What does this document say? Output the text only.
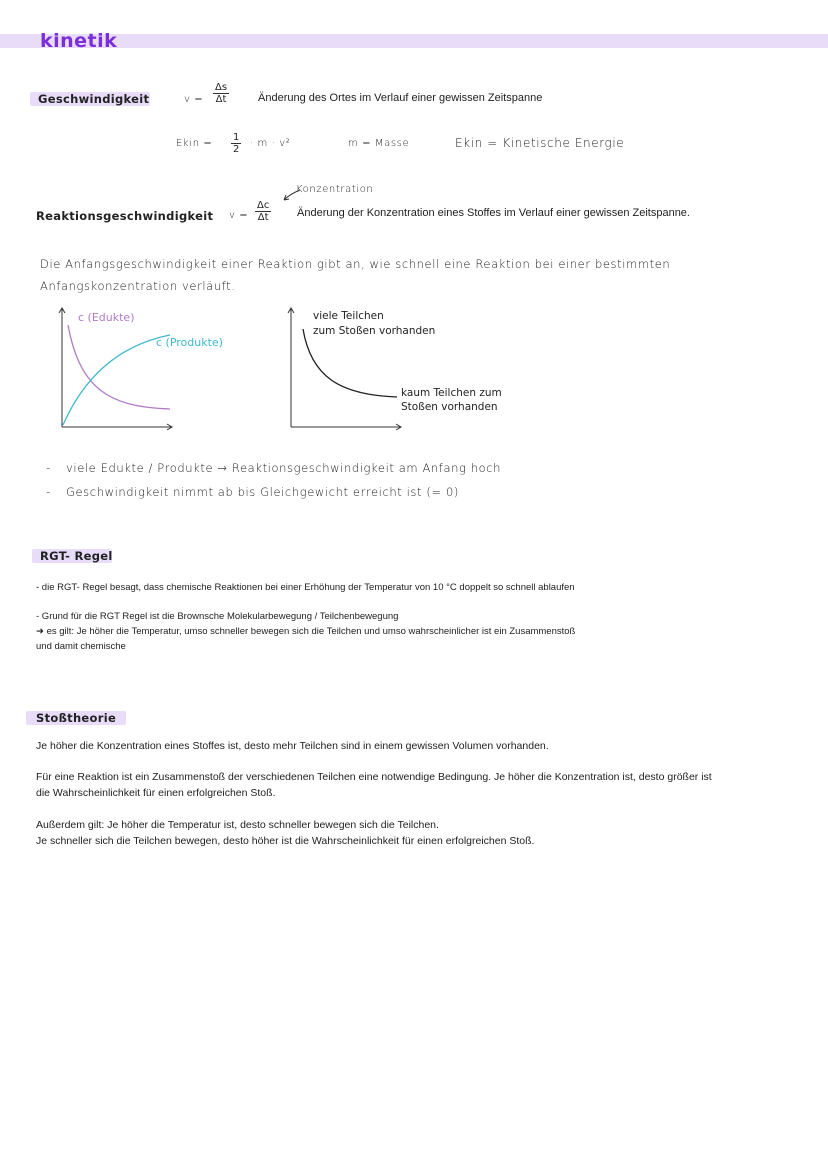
kinetik
Geschwindigkeit	$v = \frac{\Delta s}{\Delta t}$	Änderung des Ortes im Verlauf einer gewissen Zeitspanne
Ekin = $\frac{1}{2} \cdot m \cdot v^2$	m = Masse	Ekin = Kinetische Energie
Konzentration
Reaktionsgeschwindigkeit $v = \frac{\Delta c}{\Delta t}$ Änderung der Konzentration eines Stoffes im Verlauf einer gewissen Zeitspanne.
Die Anfangsgeschwindigkeit einer Reaktion gibt an, wie schnell eine Reaktion bei einer bestimmten
Anfangskonzentration verläuft.
c (Edukte)
c (Produkte)
viele Teilchen
zum Stoßen vorhanden
kaum Teilchen zum
Stoßen vorhanden
- viele Edukte / Produkte → Reaktionsgeschwindigkeit am Anfang hoch
- Geschwindigkeit nimmt ab bis Gleichgewicht erreicht ist (= 0)
RGT- Regel
- die RGT- Regel besagt, dass chemische Reaktionen bei einer Erhöhung der Temperatur von 10 °C doppelt so schnell ablaufen
- Grund für die RGT Regel ist die Brownsche Molekularbewegung / Teilchenbewegung
➜ es gilt: Je höher die Temperatur, umso schneller bewegen sich die Teilchen und umso wahrscheinlicher ist ein Zusammenstoß
und damit chemische
Stoßtheorie
Je höher die Konzentration eines Stoffes ist, desto mehr Teilchen sind in einem gewissen Volumen vorhanden.
Für eine Reaktion ist ein Zusammenstoß der verschiedenen Teilchen eine notwendige Bedingung. Je höher die Konzentration ist, desto größer ist
die Wahrscheinlichkeit für einen erfolgreichen Stoß.
Außerdem gilt: Je höher die Temperatur ist, desto schneller bewegen sich die Teilchen.
Je schneller sich die Teilchen bewegen, desto höher ist die Wahrscheinlichkeit für einen erfolgreichen Stoß.
